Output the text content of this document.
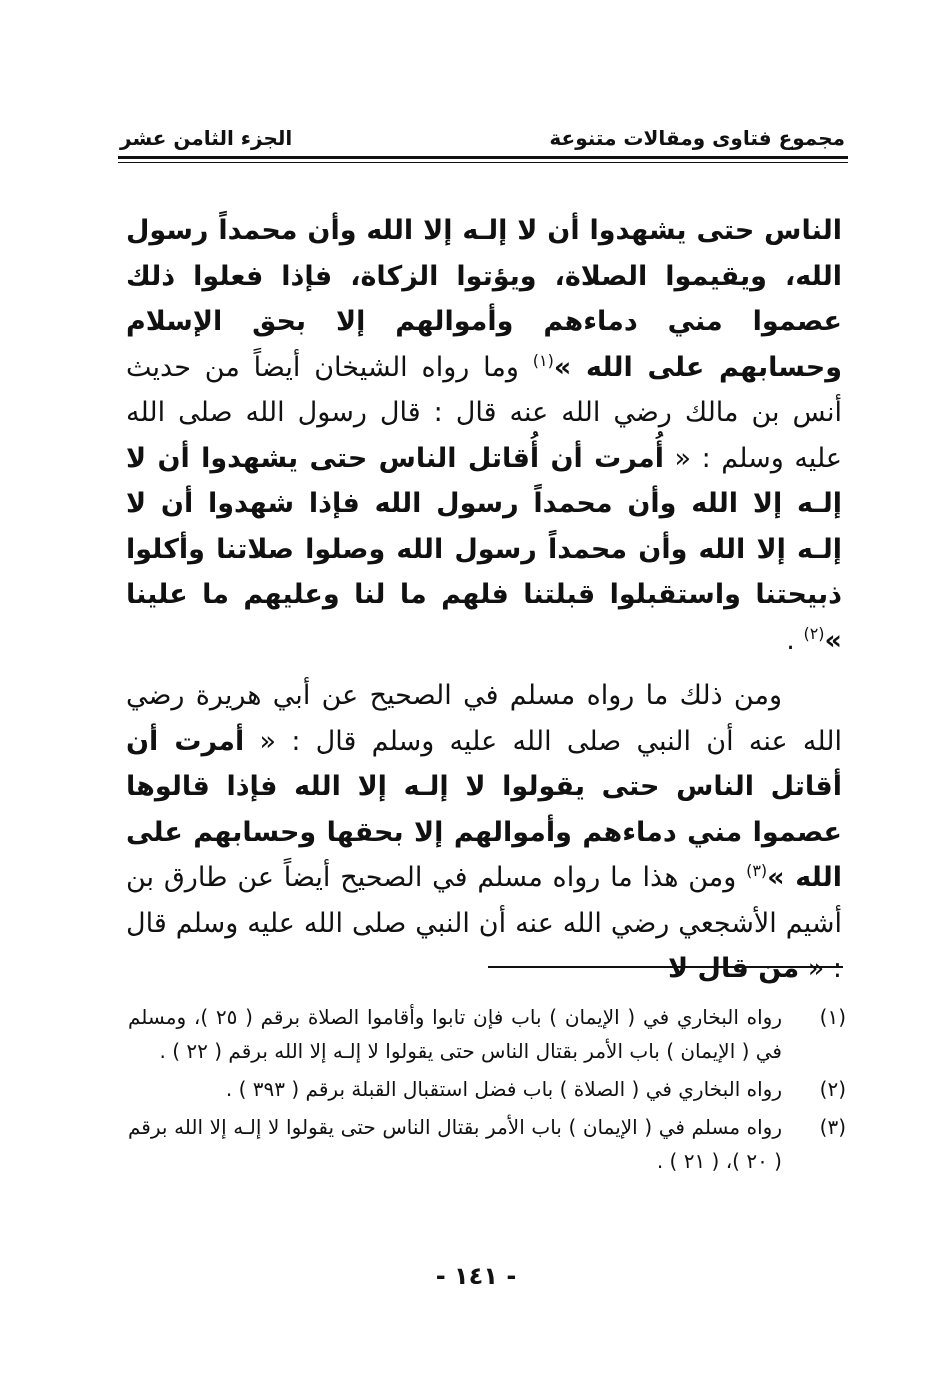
مجموع فتاوى ومقالات متنوعة
الجزء الثامن عشر

الناس حتى يشهدوا أن لا إلـه إلا الله وأن محمداً رسول الله، ويقيموا الصلاة، ويؤتوا الزكاة، فإذا فعلوا ذلك عصموا مني دماءهم وأموالهم إلا بحق الإسلام وحسابهم على الله »$^{(١)}$ وما رواه الشيخان أيضاً من حديث أنس بن مالك رضي الله عنه قال : قال رسول الله صلى الله عليه وسلم : « أُمرت أن أُقاتل الناس حتى يشهدوا أن لا إلـه إلا الله وأن محمداً رسول الله فإذا شهدوا أن لا إلـه إلا الله وأن محمداً رسول الله وصلوا صلاتنا وأكلوا ذبيحتنا واستقبلوا قبلتنا فلهم ما لنا وعليهم ما علينا »$^{(٢)}$ .

ومن ذلك ما رواه مسلم في الصحيح عن أبي هريرة رضي الله عنه أن النبي صلى الله عليه وسلم قال : « أمرت أن أقاتل الناس حتى يقولوا لا إلـه إلا الله فإذا قالوها عصموا مني دماءهم وأموالهم إلا بحقها وحسابهم على الله »$^{(٣)}$ ومن هذا ما رواه مسلم في الصحيح أيضاً عن طارق بن أشيم الأشجعي رضي الله عنه أن النبي صلى الله عليه وسلم قال : « من قال لا

(١)
رواه البخاري في ( الإيمان ) باب فإن تابوا وأقاموا الصلاة برقم ( ٢٥ )، ومسلم في ( الإيمان ) باب الأمر بقتال الناس حتى يقولوا لا إلـه إلا الله برقم ( ٢٢ ) .
(٢)
رواه البخاري في ( الصلاة ) باب فضل استقبال القبلة برقم ( ٣٩٣ ) .
(٣)
رواه مسلم في ( الإيمان ) باب الأمر بقتال الناس حتى يقولوا لا إلـه إلا الله برقم ( ٢٠ )، ( ٢١ ) .
- ١٤١ -
